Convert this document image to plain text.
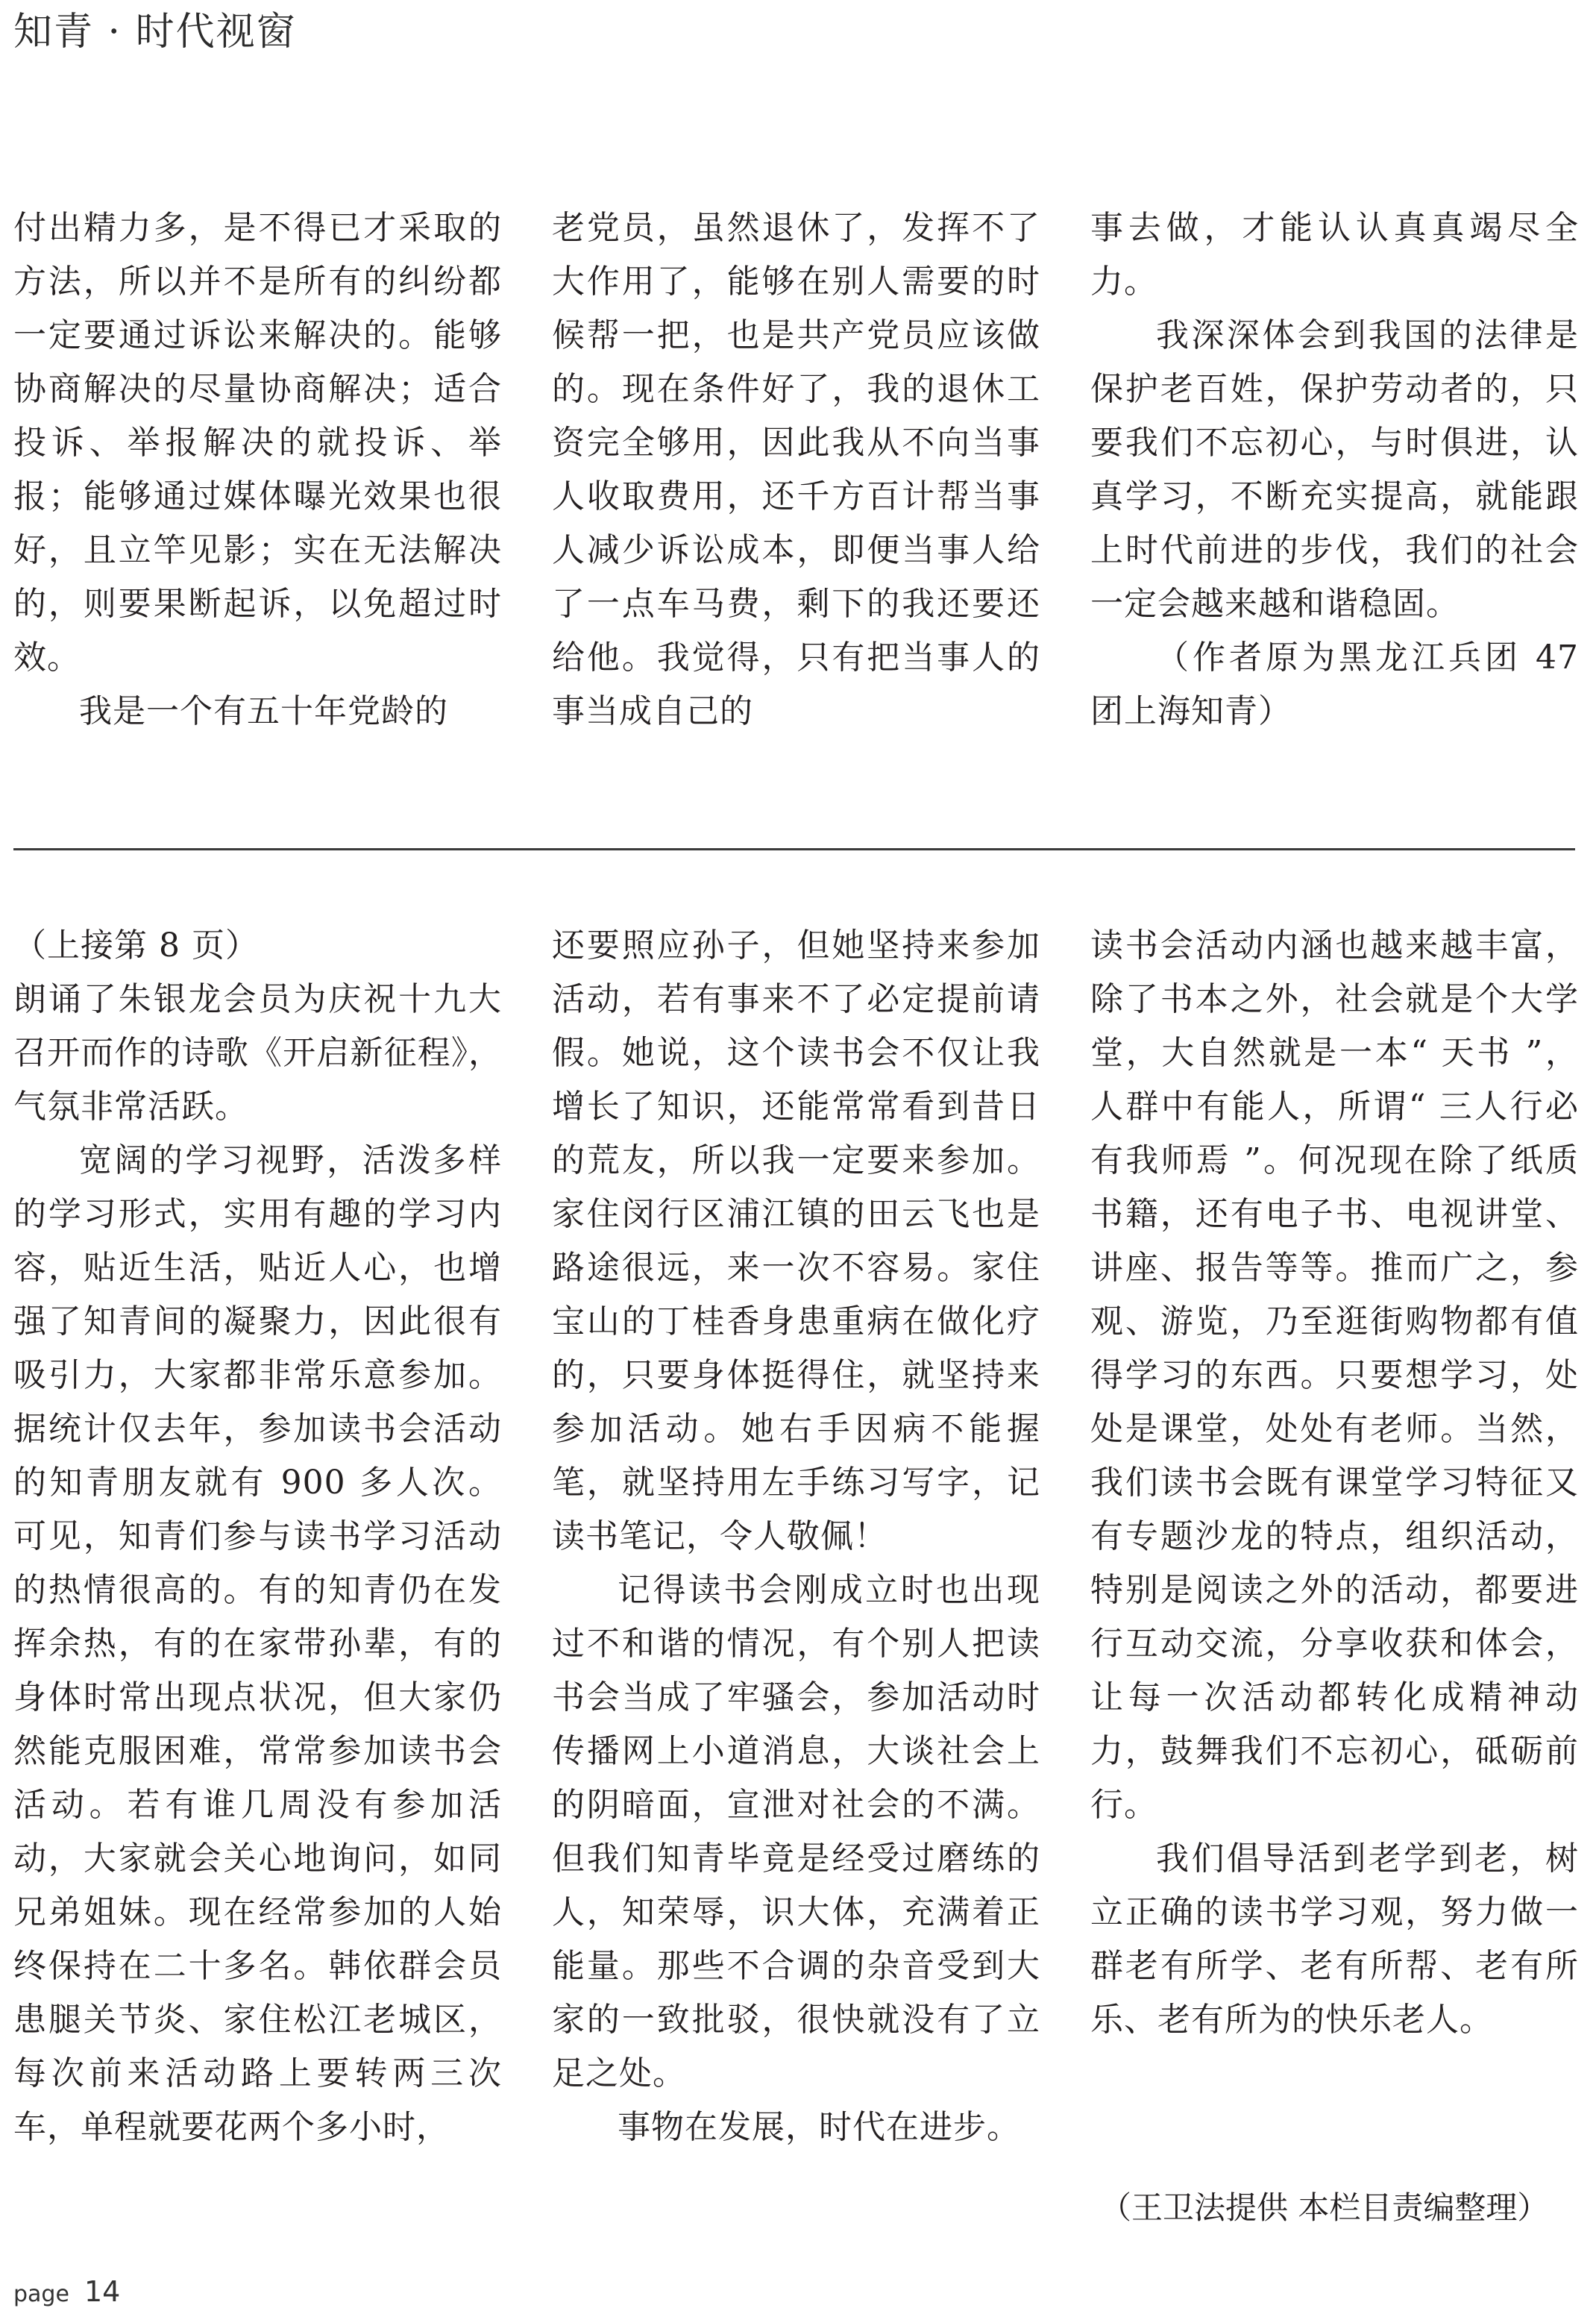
知青 · 时代视窗

付出精力多，是不得已才采取的方法，所以并不是所有的纠纷都一定要通过诉讼来解决的。能够协商解决的尽量协商解决；适合投诉、举报解决的就投诉、举报；能够通过媒体曝光效果也很好，且立竿见影；实在无法解决的，则要果断起诉，以免超过时效。

我是一个有五十年党龄的

老党员，虽然退休了，发挥不了大作用了，能够在别人需要的时候帮一把，也是共产党员应该做的。现在条件好了，我的退休工资完全够用，因此我从不向当事人收取费用，还千方百计帮当事人减少诉讼成本，即便当事人给了一点车马费，剩下的我还要还给他。我觉得，只有把当事人的事当成自己的

事去做，才能认认真真竭尽全力。

我深深体会到我国的法律是保护老百姓，保护劳动者的，只要我们不忘初心，与时俱进，认真学习，不断充实提高，就能跟上时代前进的步伐，我们的社会一定会越来越和谐稳固。

（作者原为黑龙江兵团 47 团上海知青）

（上接第 8 页）

朗诵了朱银龙会员为庆祝十九大召开而作的诗歌《开启新征程》，气氛非常活跃。

宽阔的学习视野，活泼多样的学习形式，实用有趣的学习内容，贴近生活，贴近人心，也增强了知青间的凝聚力，因此很有吸引力，大家都非常乐意参加。据统计仅去年，参加读书会活动的知青朋友就有 900 多人次。可见，知青们参与读书学习活动的热情很高的。有的知青仍在发挥余热，有的在家带孙辈，有的身体时常出现点状况，但大家仍然能克服困难，常常参加读书会活动。若有谁几周没有参加活动，大家就会关心地询问，如同兄弟姐妹。现在经常参加的人始终保持在二十多名。韩依群会员患腿关节炎、家住松江老城区，每次前来活动路上要转两三次车，单程就要花两个多小时，

还要照应孙子，但她坚持来参加活动，若有事来不了必定提前请假。她说，这个读书会不仅让我增长了知识，还能常常看到昔日的荒友，所以我一定要来参加。家住闵行区浦江镇的田云飞也是路途很远，来一次不容易。家住宝山的丁桂香身患重病在做化疗的，只要身体挺得住，就坚持来参加活动。她右手因病不能握笔，就坚持用左手练习写字，记读书笔记，令人敬佩！

记得读书会刚成立时也出现过不和谐的情况，有个别人把读书会当成了牢骚会，参加活动时传播网上小道消息，大谈社会上的阴暗面，宣泄对社会的不满。但我们知青毕竟是经受过磨练的人，知荣辱，识大体，充满着正能量。那些不合调的杂音受到大家的一致批驳，很快就没有了立足之处。

事物在发展，时代在进步。

读书会活动内涵也越来越丰富，除了书本之外，社会就是个大学堂，大自然就是一本“ 天书 ”，人群中有能人，所谓“ 三人行必有我师焉 ”。何况现在除了纸质书籍，还有电子书、电视讲堂、讲座、报告等等。推而广之，参观、游览，乃至逛街购物都有值得学习的东西。只要想学习，处处是课堂，处处有老师。当然，我们读书会既有课堂学习特征又有专题沙龙的特点，组织活动，特别是阅读之外的活动，都要进行互动交流，分享收获和体会，让每一次活动都转化成精神动力，鼓舞我们不忘初心，砥砺前行。

我们倡导活到老学到老，树立正确的读书学习观，努力做一群老有所学、老有所帮、老有所乐、老有所为的快乐老人。

（王卫法提供 本栏目责编整理）
page 14
